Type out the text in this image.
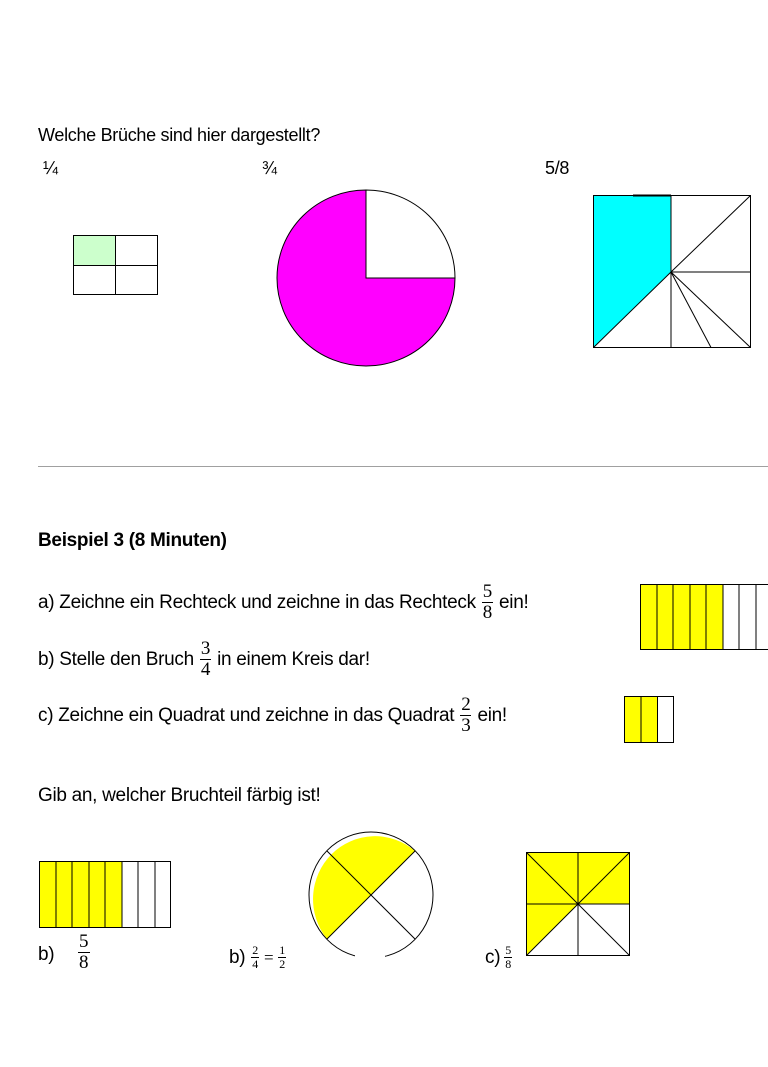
Welche Brüche sind hier dargestellt?
¼	¾	5/8
Beispiel 3 (8 Minuten)
a) Zeichne ein Rechteck und zeichne in das Rechteck $\frac{5}{8}$ ein!
b) Stelle den Bruch $\frac{3}{4}$ in einem Kreis dar!
c) Zeichne ein Quadrat und zeichne in das Quadrat $\frac{2}{3}$ ein!
Gib an, welcher Bruchteil färbig ist!
$b) \frac{5}{8}$	$b) \frac{2}{4} = \frac{1}{2}$	$c) \frac{5}{8}$
